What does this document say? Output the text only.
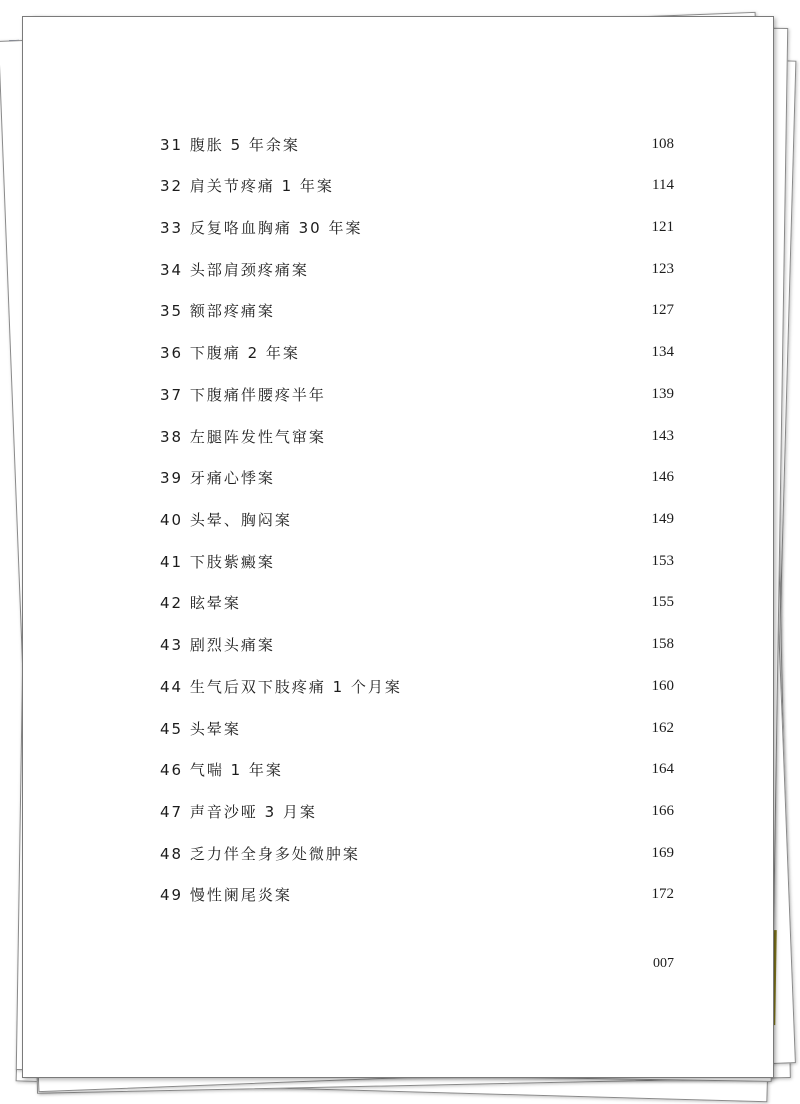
31 腹胀 5 年余案	108
32 肩关节疼痛 1 年案	114
33 反复咯血胸痛 30 年案	121
34 头部肩颈疼痛案	123
35 额部疼痛案	127
36 下腹痛 2 年案	134
37 下腹痛伴腰疼半年	139
38 左腿阵发性气窜案	143
39 牙痛心悸案	146
40 头晕、胸闷案	149
41 下肢紫癜案	153
42 眩晕案	155
43 剧烈头痛案	158
44 生气后双下肢疼痛 1 个月案	160
45 头晕案	162
46 气喘 1 年案	164
47 声音沙哑 3 月案	166
48 乏力伴全身多处微肿案	169
49 慢性阑尾炎案	172
007
